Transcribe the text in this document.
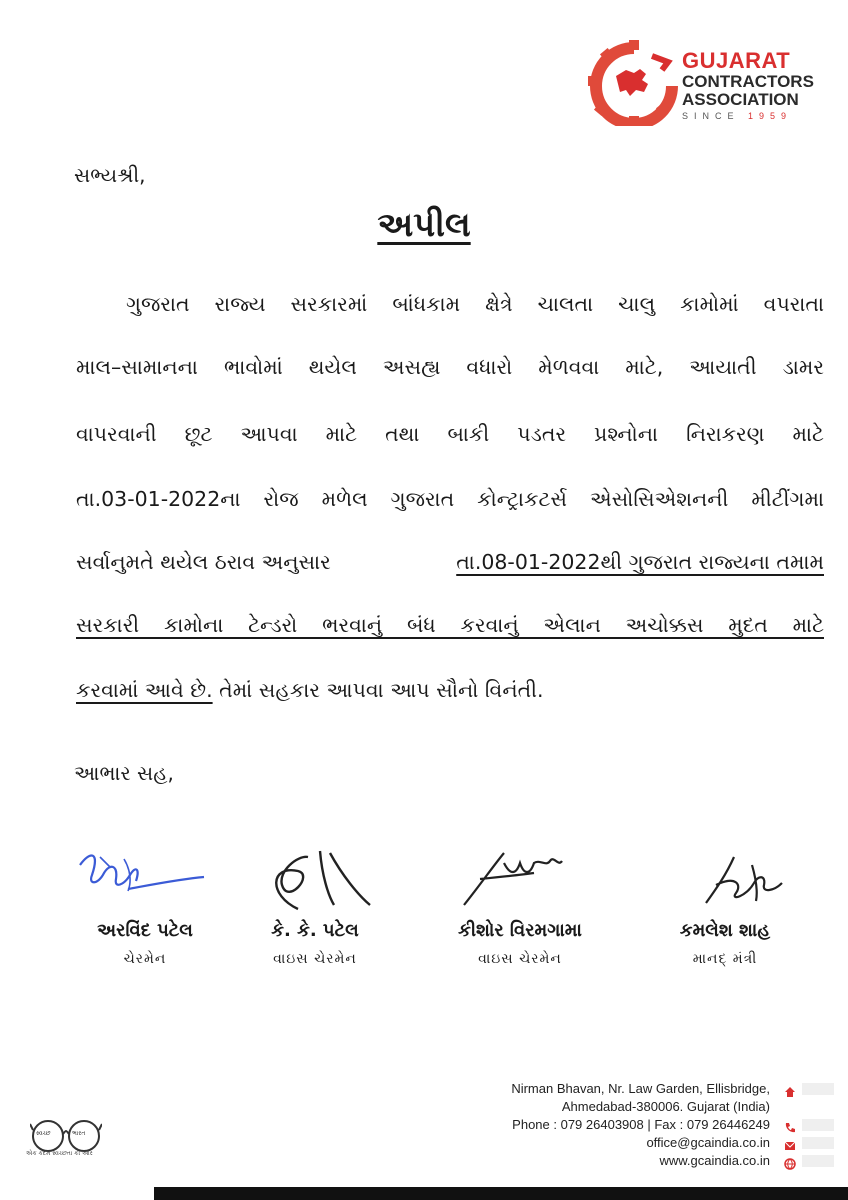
GUJARAT
CONTRACTORS
ASSOCIATION
SINCE 1959
સભ્યશ્રી,
અપીલ
ગુજરાત રાજ્ય સરકારમાં બાંધકામ ક્ષેત્રે ચાલતા ચાલુ કામોમાં વપરાતા
માલ–સામાનના ભાવોમાં થયેલ અસહ્ય વધારો મેળવવા માટે, આયાતી ડામર
વાપરવાની છૂટ આપવા માટે તથા બાકી પડતર પ્રશ્નોના નિરાકરણ માટે
તા.03-01-2022ના રોજ મળેલ ગુજરાત કોન્ટ્રાકટર્સ એસોસિએશનની મીટીંગમા
સર્વાનુમતે થયેલ ઠરાવ અનુસાર	તા.08-01-2022થી ગુજરાત રાજ્યના તમામ
સરકારી કામોના ટેન્ડરો ભરવાનું બંધ કરવાનું એલાન અચોક્કસ મુદત માટે
કરવામાં આવે છે. તેમાં સહકાર આપવા આપ સૌનો વિનંતી.
આભાર સહ,
અરવિંદ પટેલ
ચેરમેન
કે. કે. પટેલ
વાઇસ ચેરમેન
કીશોર વિરમગામા
વાઇસ ચેરમેન
કમલેશ શાહ
માનદ્ મંત્રી
સ્વચ્છ	ભારત
એક કદમ સ્વચ્છતા કી ઓર
Nirman Bhavan, Nr. Law Garden, Ellisbridge,
Ahmedabad-380006. Gujarat (India)
Phone : 079 26403908 | Fax : 079 26446249
office@gcaindia.co.in
www.gcaindia.co.in
